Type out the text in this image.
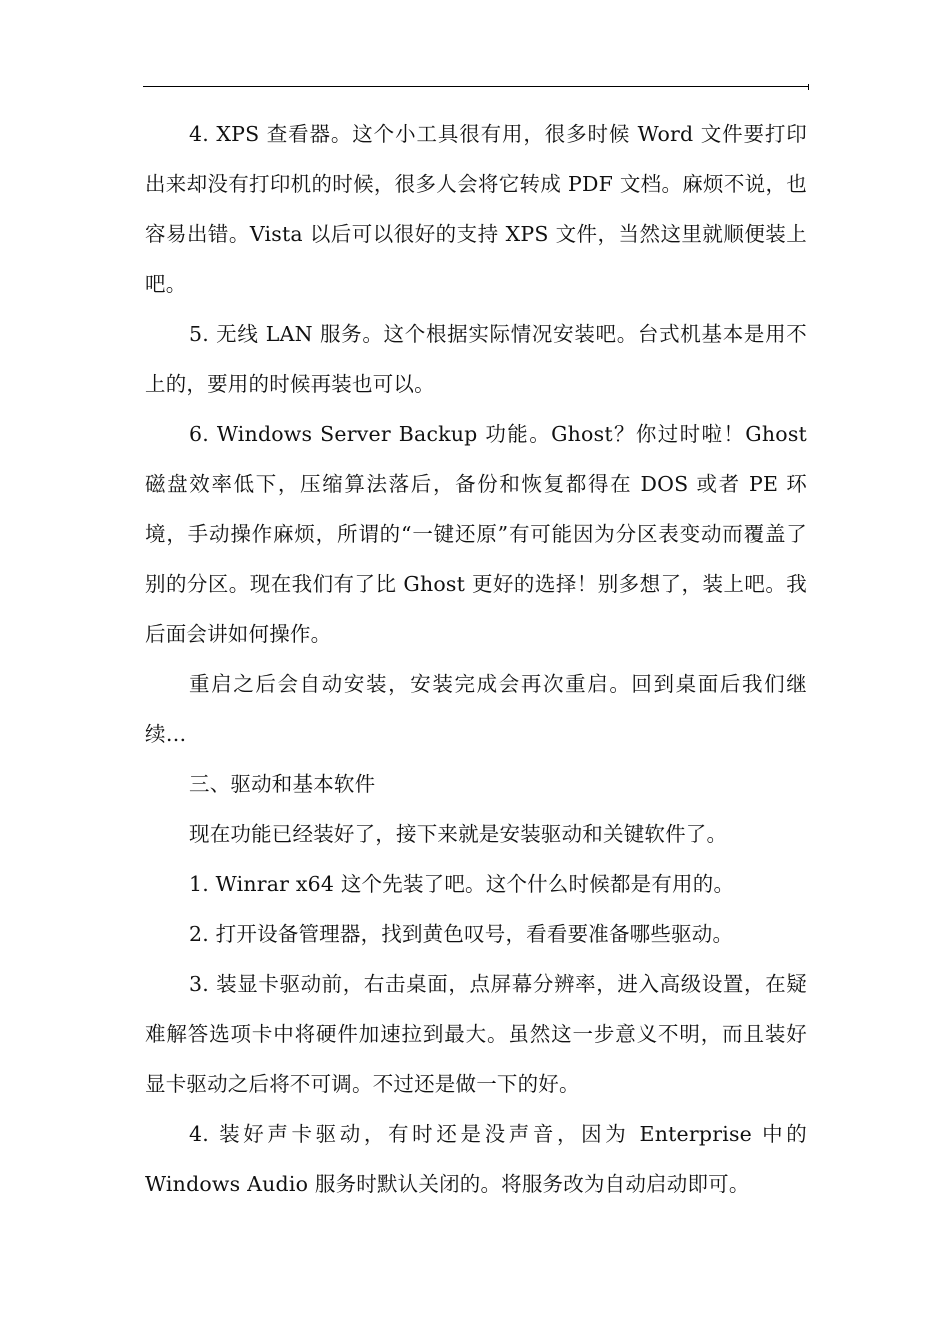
4. XPS 查看器。这个小工具很有用，很多时候 Word 文件要打印出来却没有打印机的时候，很多人会将它转成 PDF 文档。麻烦不说，也容易出错。Vista 以后可以很好的支持 XPS 文件，当然这里就顺便装上吧。

5. 无线 LAN 服务。这个根据实际情况安装吧。台式机基本是用不上的，要用的时候再装也可以。

6. Windows Server Backup 功能。Ghost？你过时啦！Ghost 磁盘效率低下，压缩算法落后，备份和恢复都得在 DOS 或者 PE 环境，手动操作麻烦，所谓的“一键还原”有可能因为分区表变动而覆盖了别的分区。现在我们有了比 Ghost 更好的选择！别多想了，装上吧。我后面会讲如何操作。

重启之后会自动安装，安装完成会再次重启。回到桌面后我们继续…

三、驱动和基本软件

现在功能已经装好了，接下来就是安装驱动和关键软件了。

1. Winrar x64 这个先装了吧。这个什么时候都是有用的。

2. 打开设备管理器，找到黄色叹号，看看要准备哪些驱动。

3. 装显卡驱动前，右击桌面，点屏幕分辨率，进入高级设置，在疑难解答选项卡中将硬件加速拉到最大。虽然这一步意义不明，而且装好显卡驱动之后将不可调。不过还是做一下的好。

4. 装好声卡驱动，有时还是没声音，因为 Enterprise 中的 Windows Audio 服务时默认关闭的。将服务改为自动启动即可。
